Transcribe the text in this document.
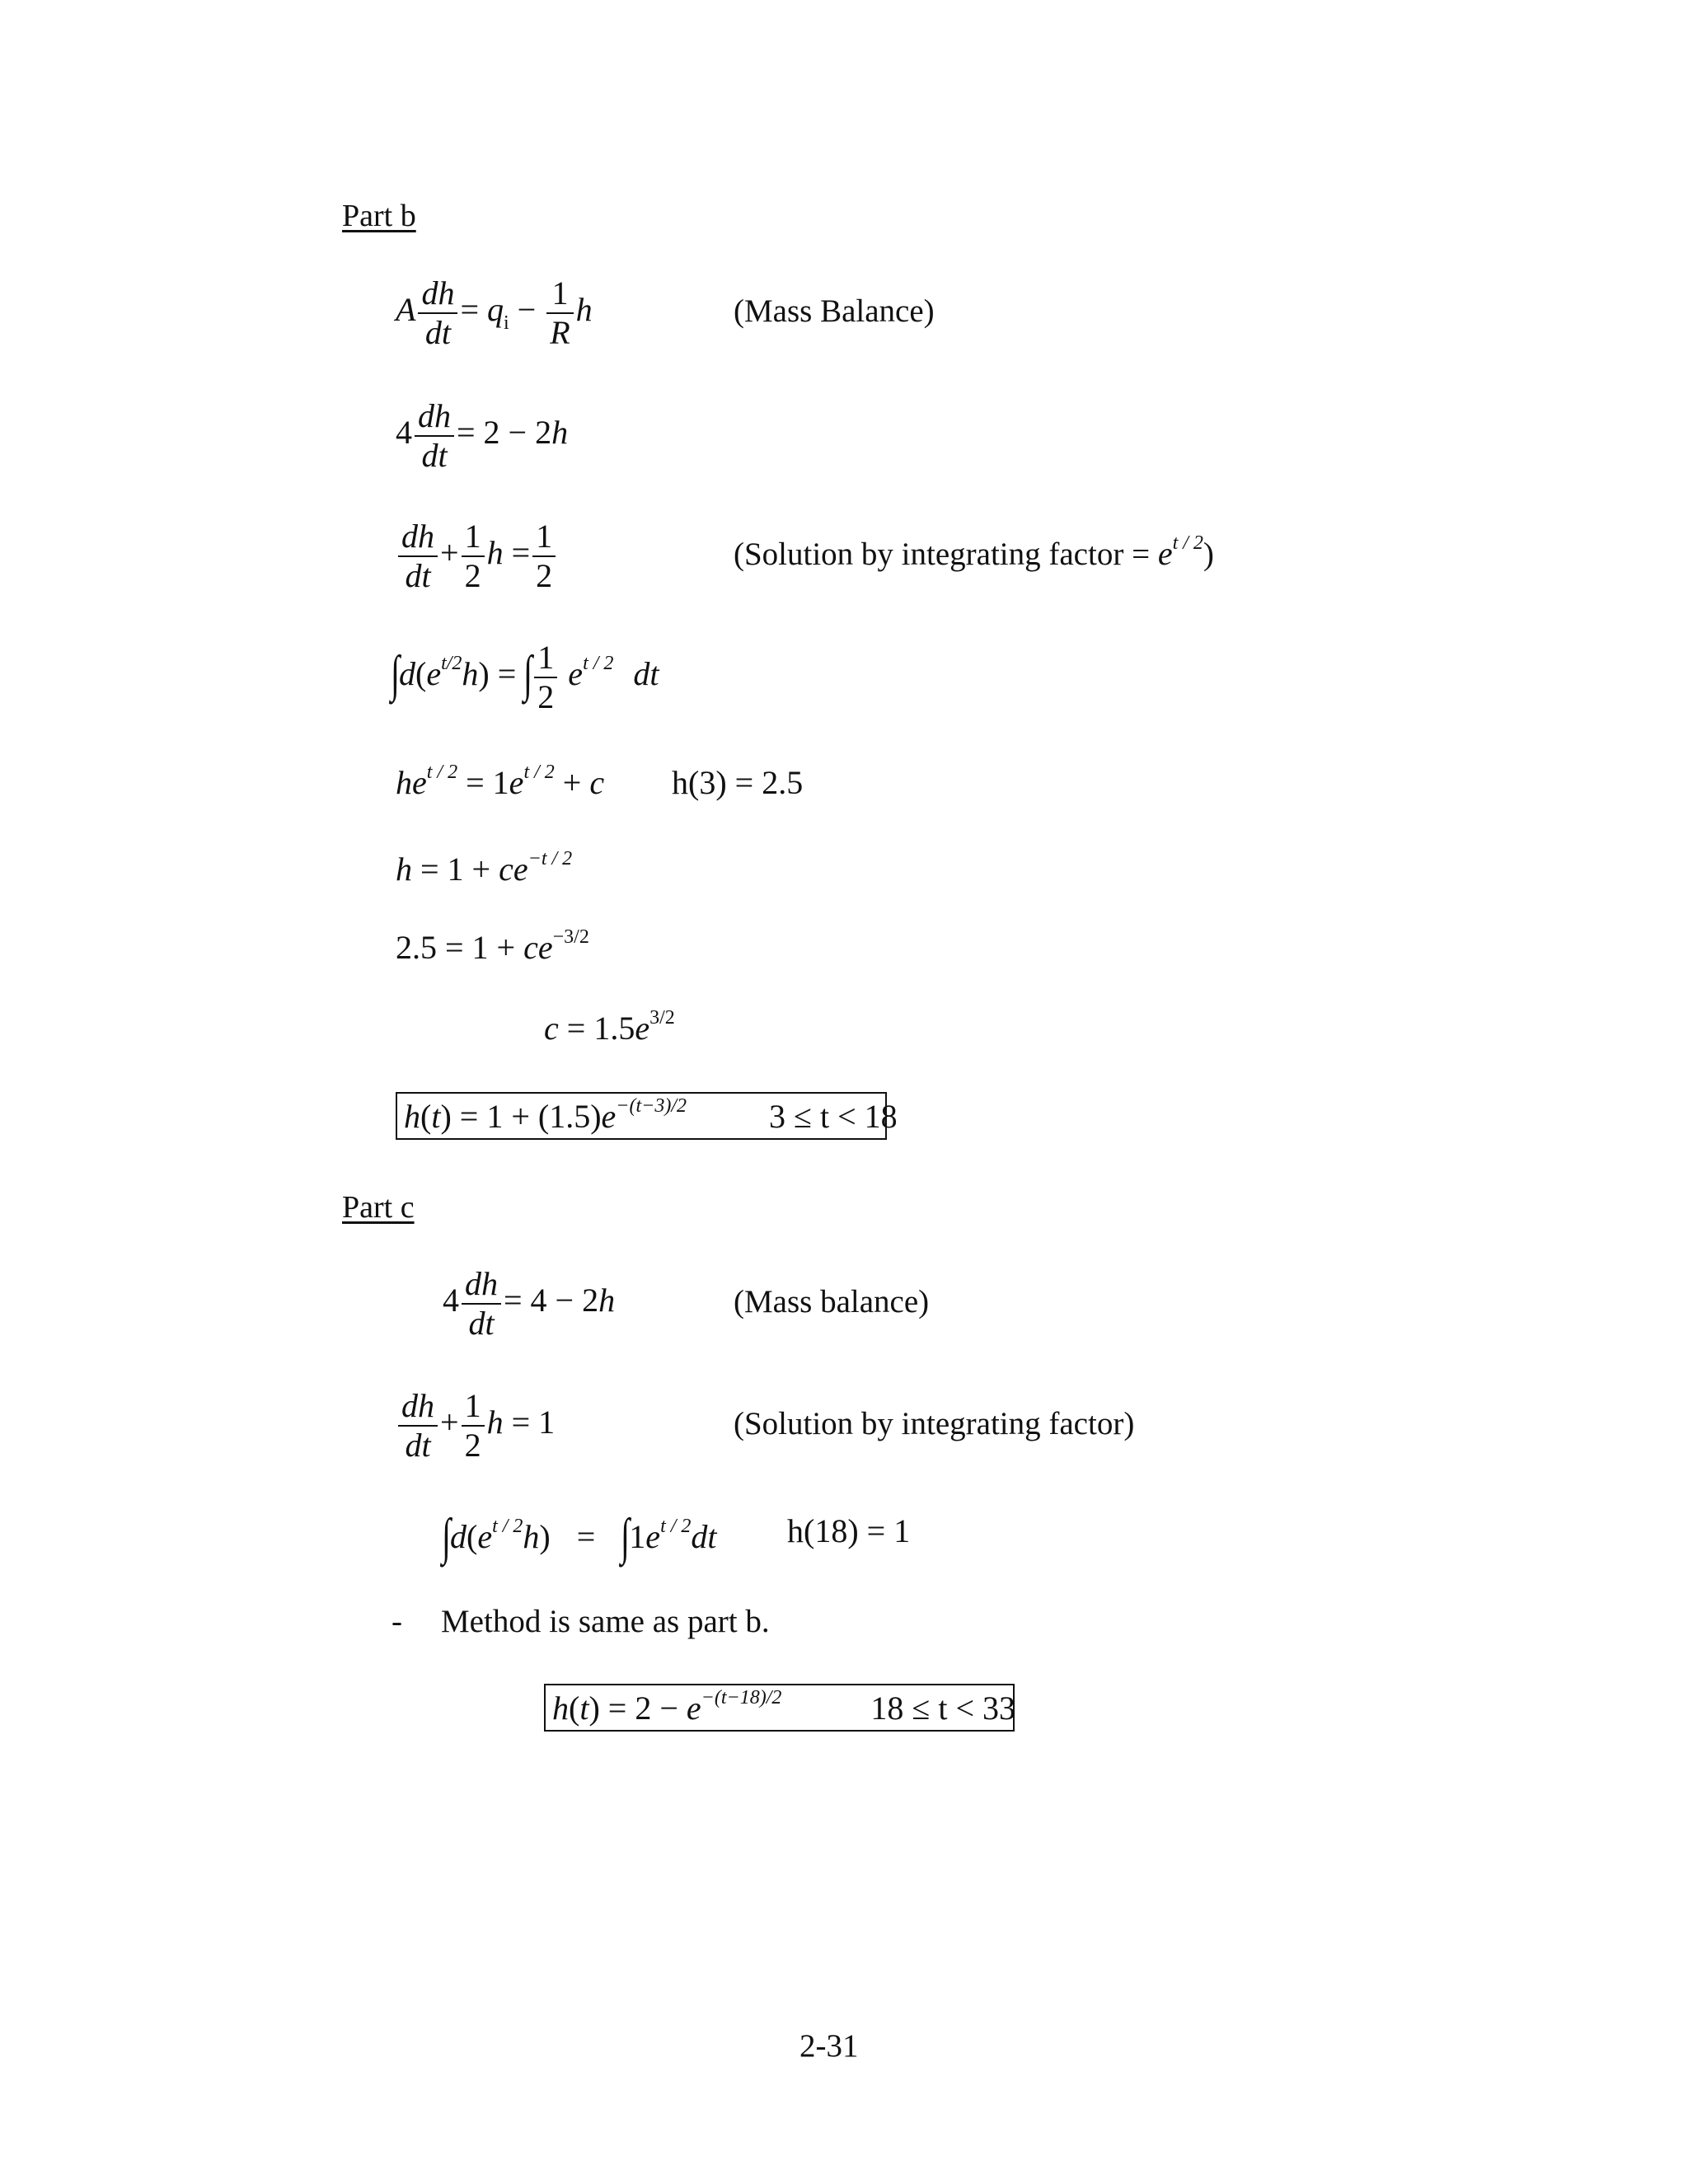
Part b
A $\frac{dh}{dt} = q_i - \frac{1}{R}$ h	(Mass Balance)
$4 \frac{dh}{dt} = 2 - 2h$
$\frac{dh}{dt} + \frac{1}{2}$ $h = \frac{1}{2}$	(Solution by integrating factor = $e^{t / 2}$)
$\int d(e^{t/2}h)$ = ∫ $\frac{1}{2} e^{t / 2}$ dt
$he^{t / 2} = 1e^{t / 2} + c$ h(3) = 2.5
$h = 1 + ce^{-t / 2}$
$2.5 = 1 + ce^{-3/2}$
$c = 1.5e^{3/2}$
$h(t) = 1 + (1.5)e^{-(t-3)/2}$	3 ≤ t < 18
Part c
$4 \frac{dh}{dt} = 4 - 2h$	(Mass balance)
$\frac{dh}{dt} + \frac{1}{2}$ h = 1	(Solution by integrating factor)
$\int d(e^{t / 2}h) = \int 1e^{t / 2}dt$ h(18) = 1
- Method is same as part b.
$h(t) = 2 - e^{-(t-18)/2}$	18 ≤ t < 33
2-31
